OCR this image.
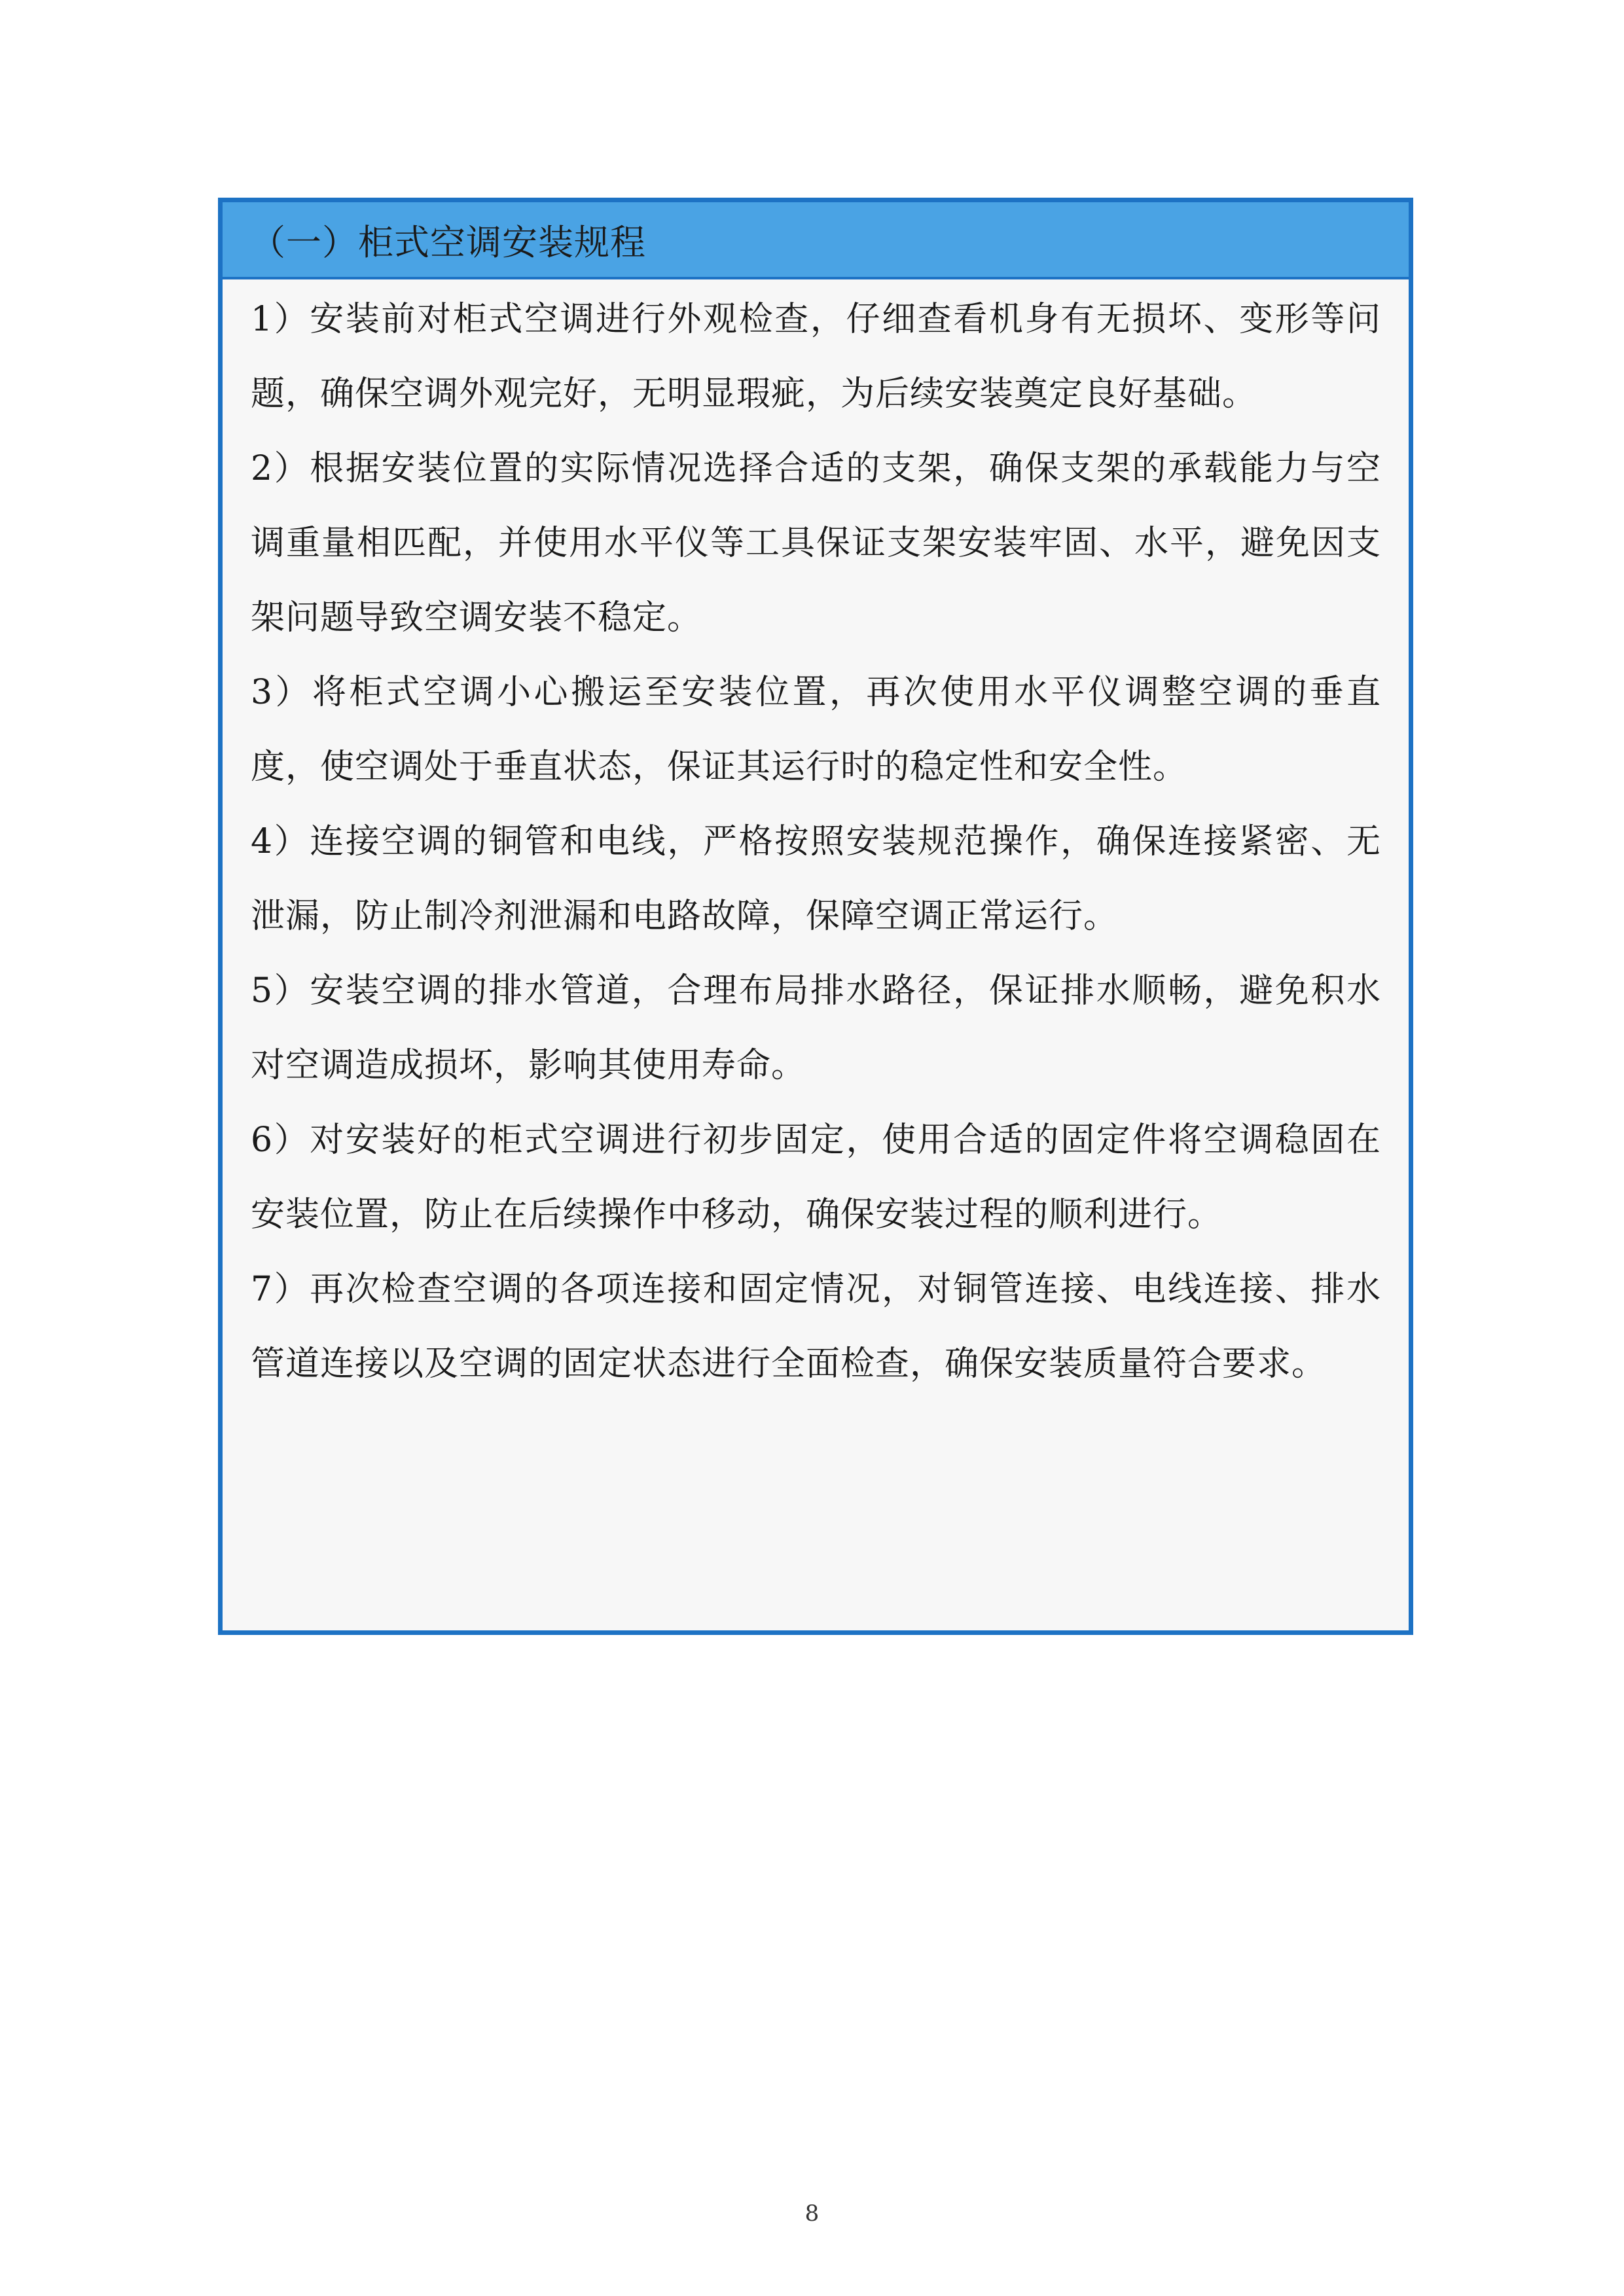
（一）柜式空调安装规程

1）安装前对柜式空调进行外观检查，仔细查看机身有无损坏、变形等问题，确保空调外观完好，无明显瑕疵，为后续安装奠定良好基础。

2）根据安装位置的实际情况选择合适的支架，确保支架的承载能力与空调重量相匹配，并使用水平仪等工具保证支架安装牢固、水平，避免因支架问题导致空调安装不稳定。

3）将柜式空调小心搬运至安装位置，再次使用水平仪调整空调的垂直度，使空调处于垂直状态，保证其运行时的稳定性和安全性。

4）连接空调的铜管和电线，严格按照安装规范操作，确保连接紧密、无泄漏，防止制冷剂泄漏和电路故障，保障空调正常运行。

5）安装空调的排水管道，合理布局排水路径，保证排水顺畅，避免积水对空调造成损坏，影响其使用寿命。

6）对安装好的柜式空调进行初步固定，使用合适的固定件将空调稳固在安装位置，防止在后续操作中移动，确保安装过程的顺利进行。

7）再次检查空调的各项连接和固定情况，对铜管连接、电线连接、排水管道连接以及空调的固定状态进行全面检查，确保安装质量符合要求。

8
